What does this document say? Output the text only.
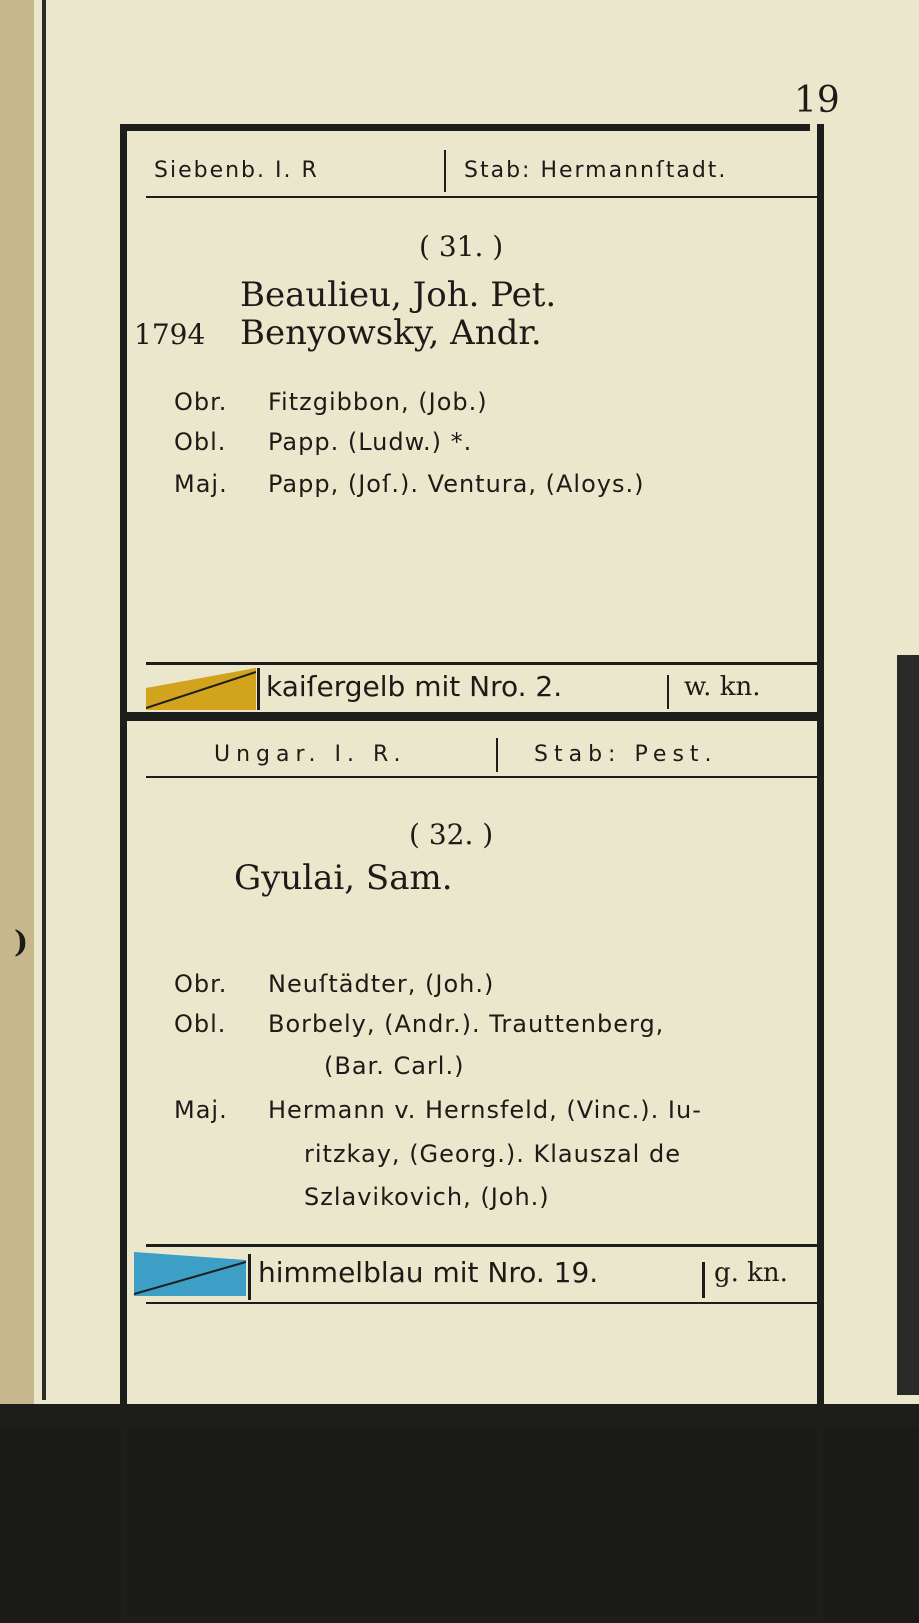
)
19
Siebenb. I. R	Stab: Hermannſtadt.
( 31. )
Beaulieu, Joh. Pet.
1794 Benyowsky, Andr.
Obr. Fitzgibbon, (Job.)
Obl. Papp. (Ludw.) *.
Maj. Papp, (Joſ.). Ventura, (Aloys.)
kaiſergelb mit Nro. 2.	w. kn.
Ungar. I. R.	Stab: Pest.
( 32. )
Gyulai, Sam.
Obr. Neuſtädter, (Joh.)
Obl. Borbely, (Andr.). Trauttenberg,
(Bar. Carl.)
Maj. Hermann v. Hernsfeld, (Vinc.). Iu-
ritzkay, (Georg.). Klauszal de
Szlavikovich, (Joh.)
himmelblau mit Nro. 19.	g. kn.
